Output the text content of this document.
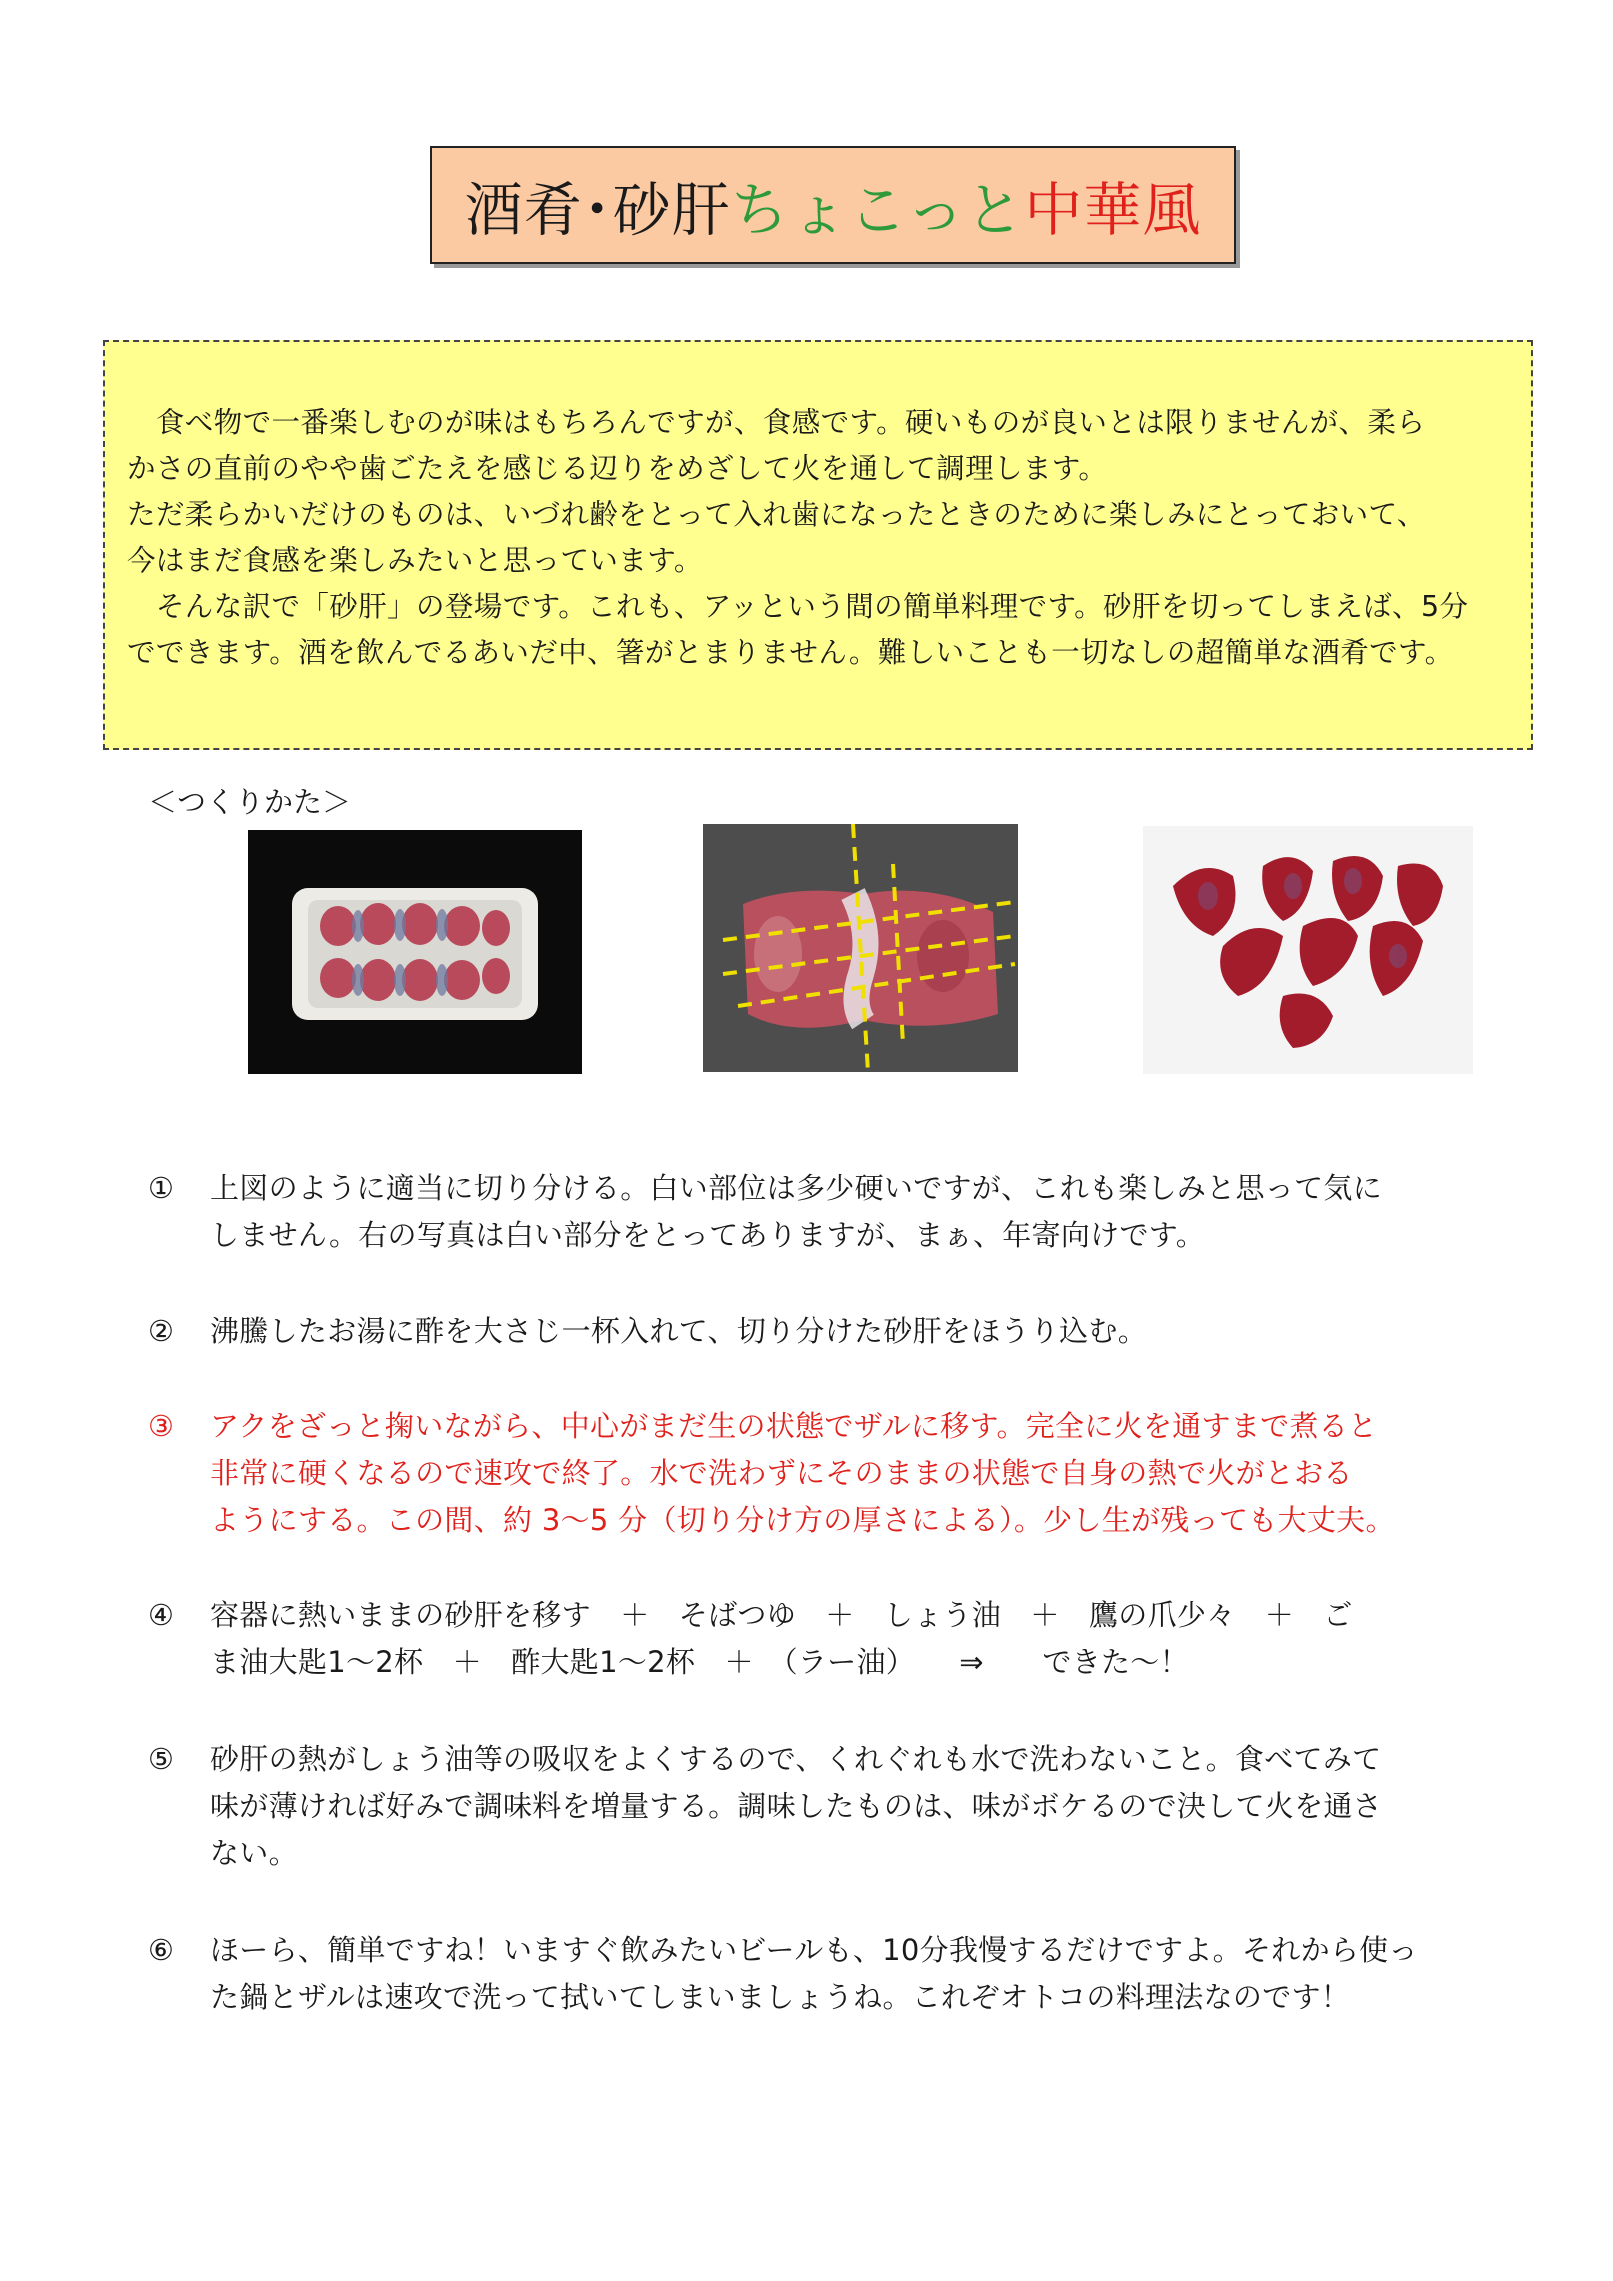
酒肴･砂肝 ちょこっと 中華風

　食べ物で一番楽しむのが味はもちろんですが、食感です。硬いものが良いとは限りませんが、柔ら

かさの直前のやや歯ごたえを感じる辺りをめざして火を通して調理します。

ただ柔らかいだけのものは、いづれ齢をとって入れ歯になったときのために楽しみにとっておいて、

今はまだ食感を楽しみたいと思っています。

　そんな訳で「砂肝」の登場です。これも、アッという間の簡単料理です。砂肝を切ってしまえば、5分

でできます。酒を飲んでるあいだ中、箸がとまりません。難しいことも一切なしの超簡単な酒肴です。

＜つくりかた＞
①	上図のように適当に切り分ける。白い部位は多少硬いですが、これも楽しみと思って気に
しません。右の写真は白い部分をとってありますが、まぁ、年寄向けです。
②	沸騰したお湯に酢を大さじ一杯入れて、切り分けた砂肝をほうり込む。
③	アクをざっと掬いながら、中心がまだ生の状態でザルに移す。完全に火を通すまで煮ると
非常に硬くなるので速攻で終了。水で洗わずにそのままの状態で自身の熱で火がとおる
ようにする。この間、約 3～5 分（切り分け方の厚さによる）。少し生が残っても大丈夫。
④	容器に熱いままの砂肝を移す　＋　そばつゆ　＋　しょう油　＋　鷹の爪少々　＋　ご
ま油大匙1～2杯　＋　酢大匙1～2杯　＋　（ラー油）　　⇒　　できた～！
⑤	砂肝の熱がしょう油等の吸収をよくするので、くれぐれも水で洗わないこと。食べてみて
味が薄ければ好みで調味料を増量する。調味したものは、味がボケるので決して火を通さ
ない。
⑥	ほーら、簡単ですね！いますぐ飲みたいビールも、10分我慢するだけですよ。それから使っ
た鍋とザルは速攻で洗って拭いてしまいましょうね。これぞオトコの料理法なのです！
